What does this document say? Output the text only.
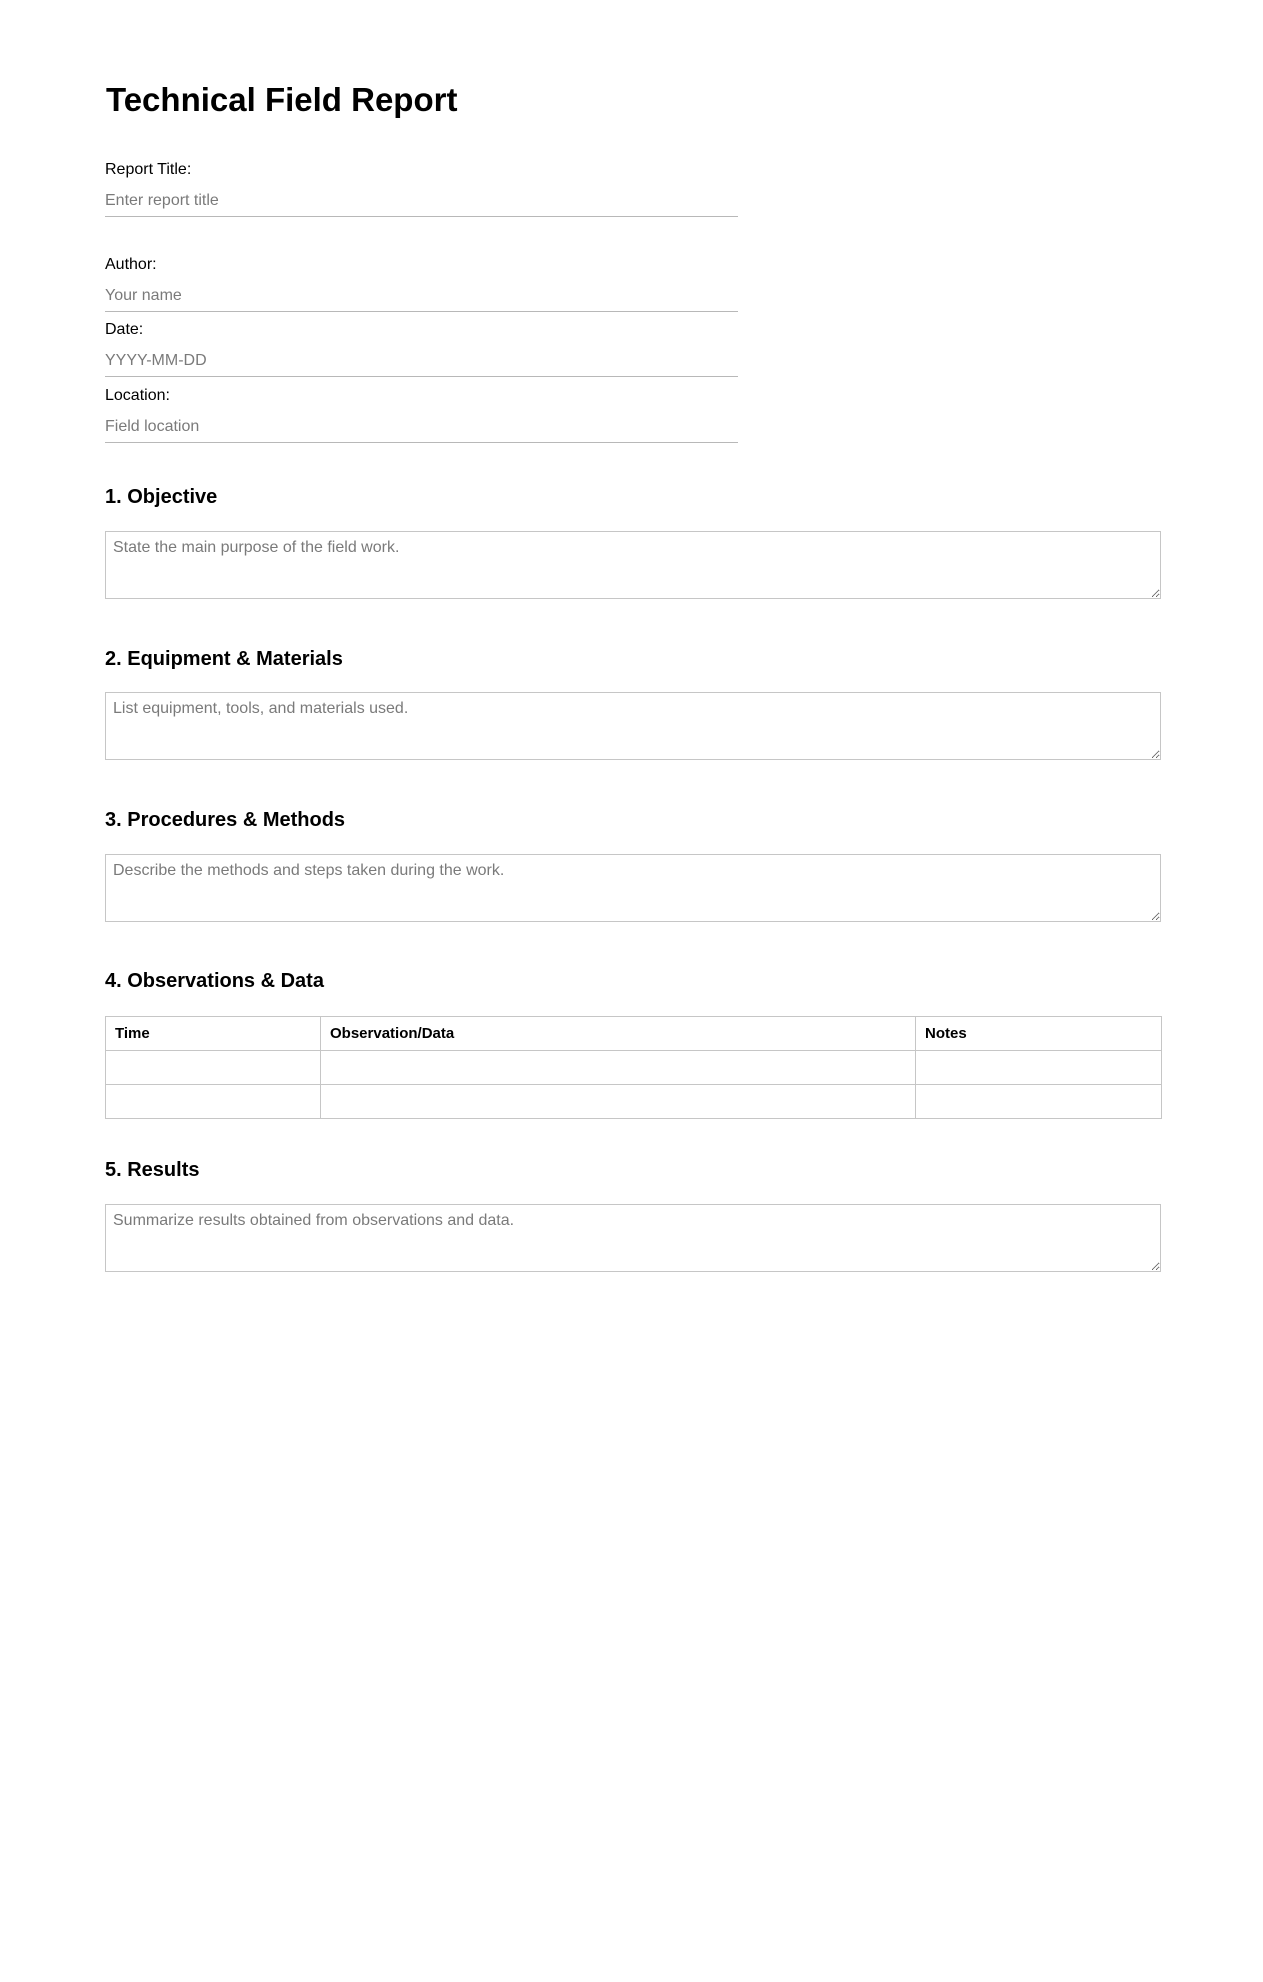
Technical Field Report
Report Title:
Enter report title
Author:
Your name
Date:
YYYY-MM-DD
Location:
Field location
1. Objective
State the main purpose of the field work.
2. Equipment & Materials
List equipment, tools, and materials used.
3. Procedures & Methods
Describe the methods and steps taken during the work.
4. Observations & Data
Time	Observation/Data	Notes

5. Results
Summarize results obtained from observations and data.
